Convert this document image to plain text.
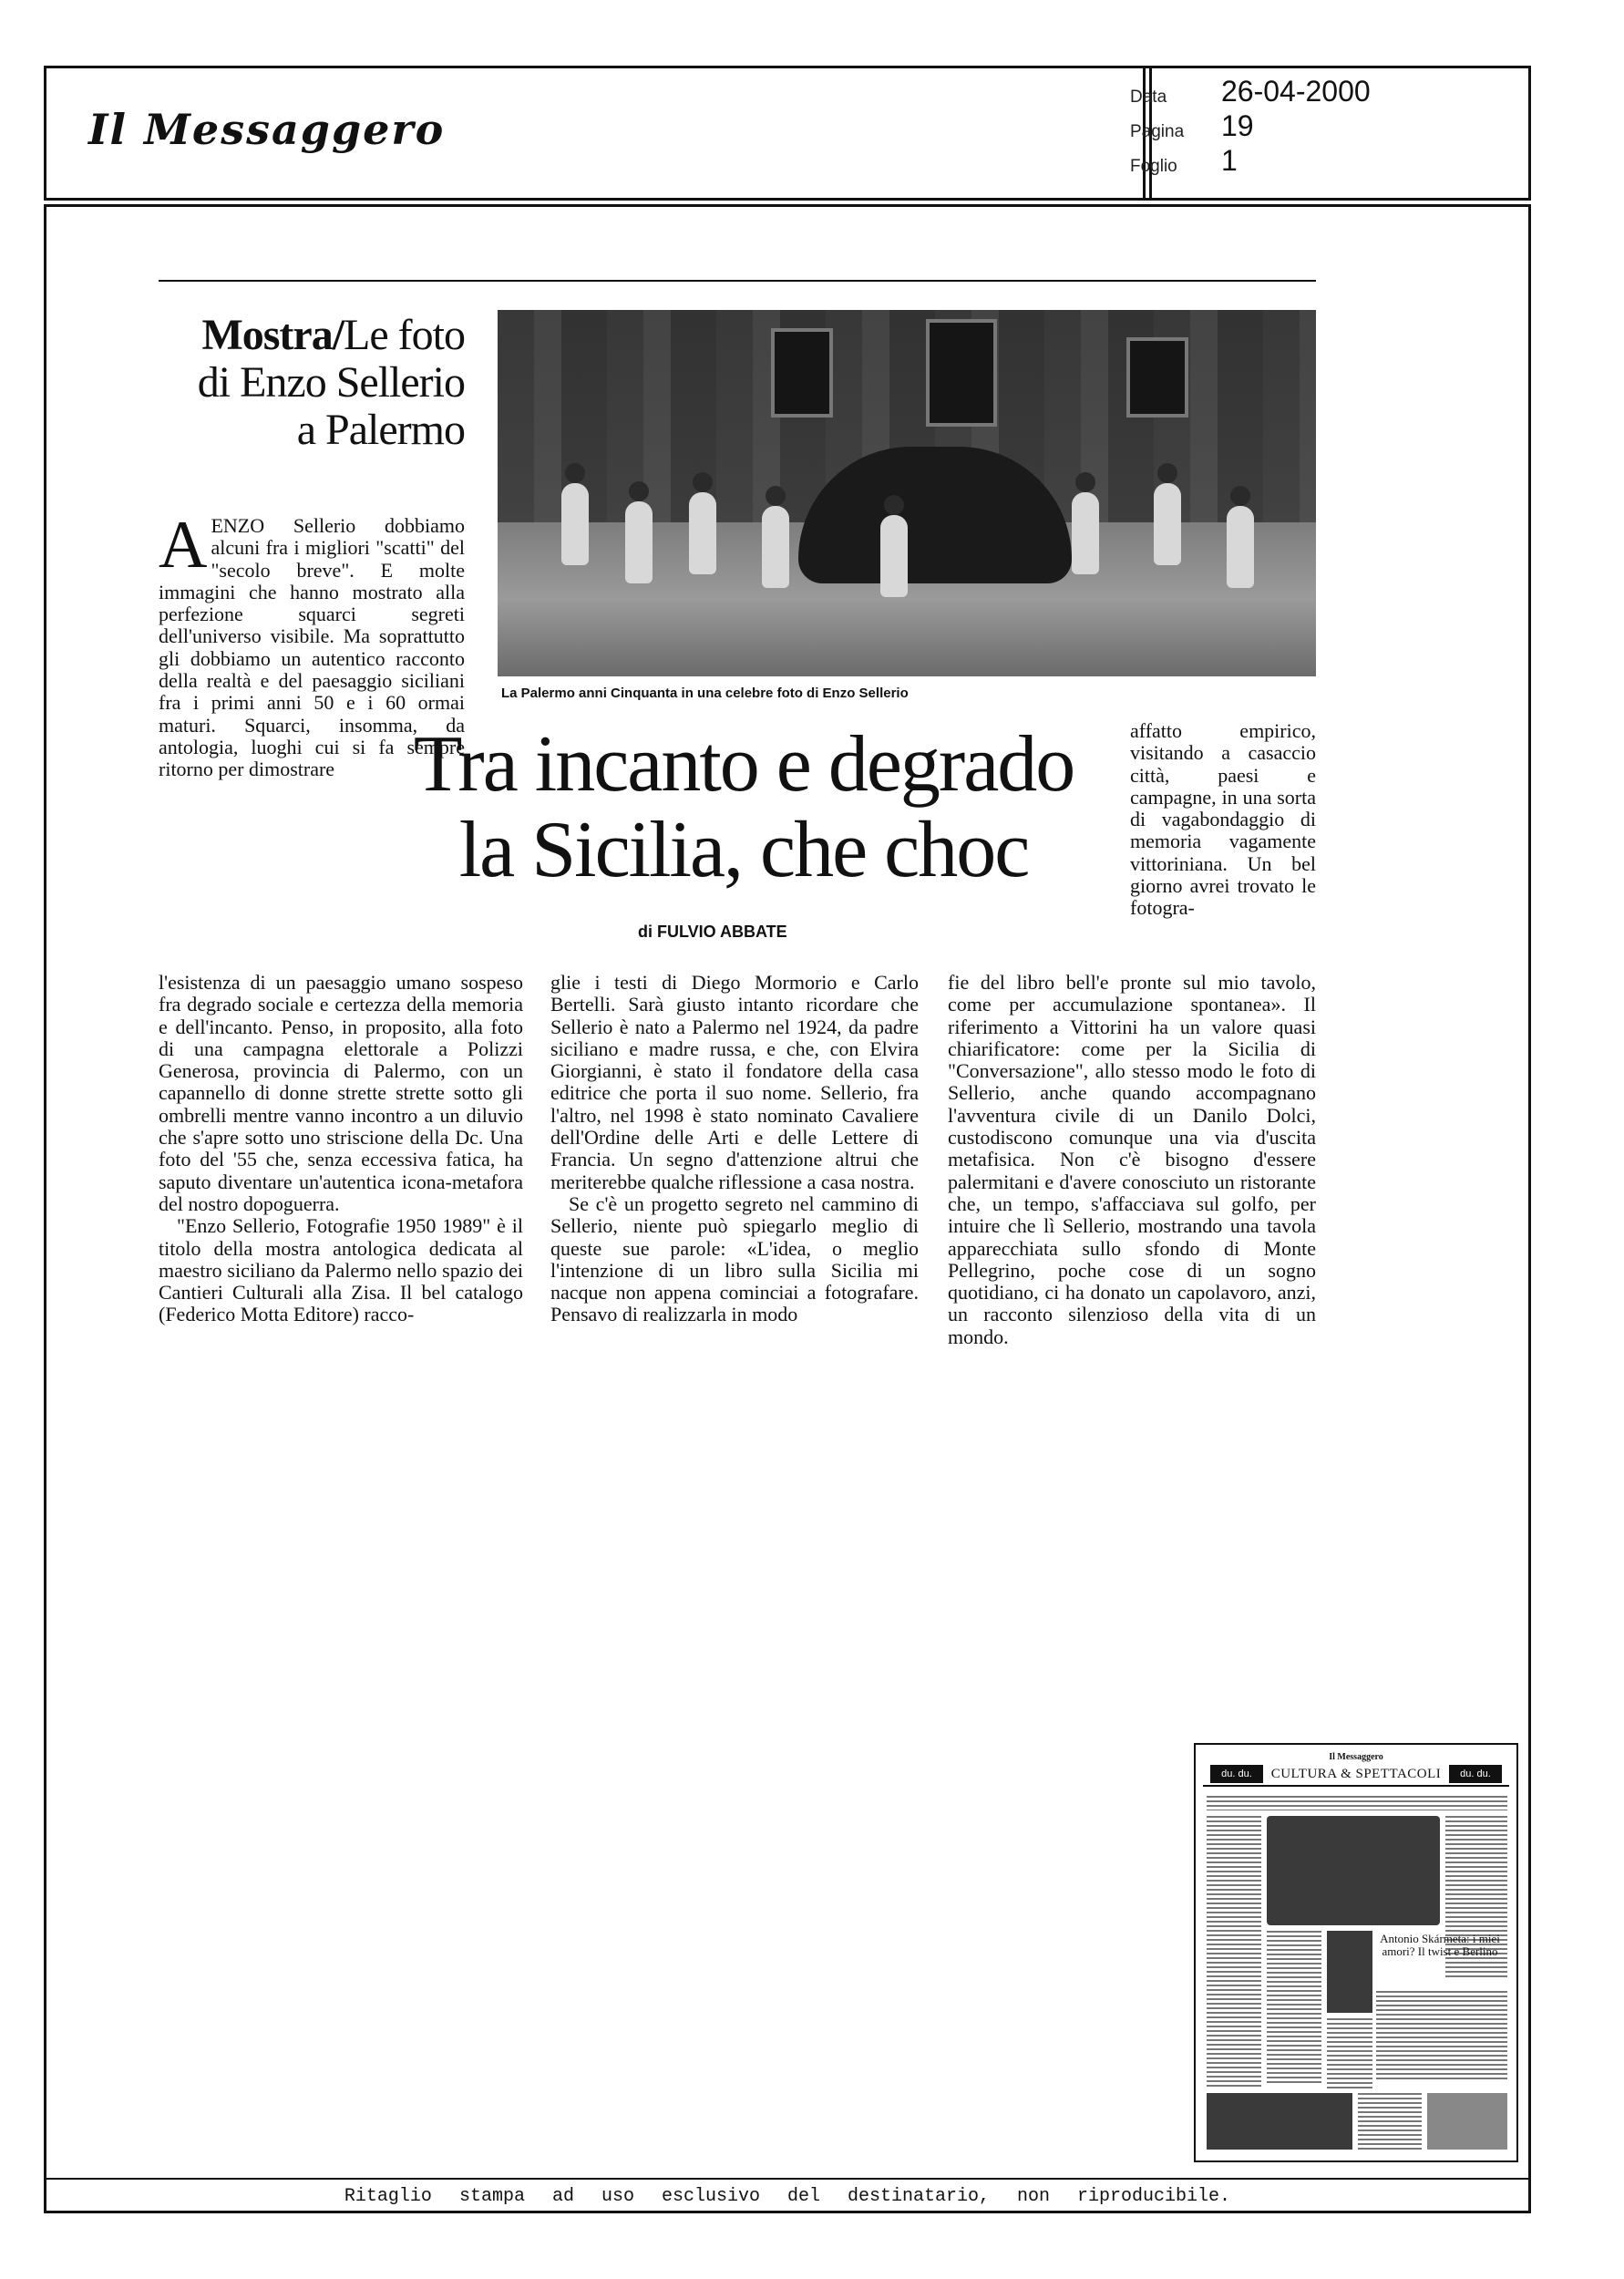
Il Messaggero
Data 26-04-2000
Pagina 19
Foglio 1
Ritaglio stampa ad uso esclusivo del destinatario, non riproducibile.
Mostra/Le foto
di Enzo Sellerio
a Palermo
La Palermo anni Cinquanta in una celebre foto di Enzo Sellerio
Tra incanto e degrado
la Sicilia, che choc
di FULVIO ABBATE
A ENZO Sellerio dobbiamo alcuni fra i migliori "scatti" del "secolo breve". E molte immagini che hanno mostrato alla perfezione squarci segreti dell'universo visibile. Ma soprattutto gli dobbiamo un autentico racconto della realtà e del paesaggio siciliani fra i primi anni 50 e i 60 ormai maturi. Squarci, insomma, da antologia, luoghi cui si fa sempre ritorno per dimostrare

l'esistenza di un paesaggio umano sospeso fra degrado sociale e certezza della memoria e dell'incanto. Penso, in proposito, alla foto di una campagna elettorale a Polizzi Generosa, provincia di Palermo, con un capannello di donne strette strette sotto gli ombrelli mentre vanno incontro a un diluvio che s'apre sotto uno striscione della Dc. Una foto del '55 che, senza eccessiva fatica, ha saputo diventare un'autentica icona-metafora del nostro dopoguerra.

"Enzo Sellerio, Fotografie 1950 1989" è il titolo della mostra antologica dedicata al maestro siciliano da Palermo nello spazio dei Cantieri Culturali alla Zisa. Il bel catalogo (Federico Motta Editore) racco-

glie i testi di Diego Mormorio e Carlo Bertelli. Sarà giusto intanto ricordare che Sellerio è nato a Palermo nel 1924, da padre siciliano e madre russa, e che, con Elvira Giorgianni, è stato il fondatore della casa editrice che porta il suo nome. Sellerio, fra l'altro, nel 1998 è stato nominato Cavaliere dell'Ordine delle Arti e delle Lettere di Francia. Un segno d'attenzione altrui che meriterebbe qualche riflessione a casa nostra.

Se c'è un progetto segreto nel cammino di Sellerio, niente può spiegarlo meglio di queste sue parole: «L'idea, o meglio l'intenzione di un libro sulla Sicilia mi nacque non appena cominciai a fotografare. Pensavo di realizzarla in modo

affatto empirico, visitando a casaccio città, paesi e campagne, in una sorta di vagabondaggio di memoria vagamente vittoriniana. Un bel giorno avrei trovato le fotogra-

fie del libro bell'e pronte sul mio tavolo, come per accumulazione spontanea». Il riferimento a Vittorini ha un valore quasi chiarificatore: come per la Sicilia di "Conversazione", allo stesso modo le foto di Sellerio, anche quando accompagnano l'avventura civile di un Danilo Dolci, custodiscono comunque una via d'uscita metafisica. Non c'è bisogno d'essere palermitani e d'avere conosciuto un ristorante che, un tempo, s'affacciava sul golfo, per intuire che lì Sellerio, mostrando una tavola apparecchiata sullo sfondo di Monte Pellegrino, poche cose di un sogno quotidiano, ci ha donato un capolavoro, anzi, un racconto silenzioso della vita di un mondo.

Il Messaggero
du. du.	CULTURA & SPETTACOLI	du. du.
Antonio Skármeta: i miei amori? Il twist e Berlino
